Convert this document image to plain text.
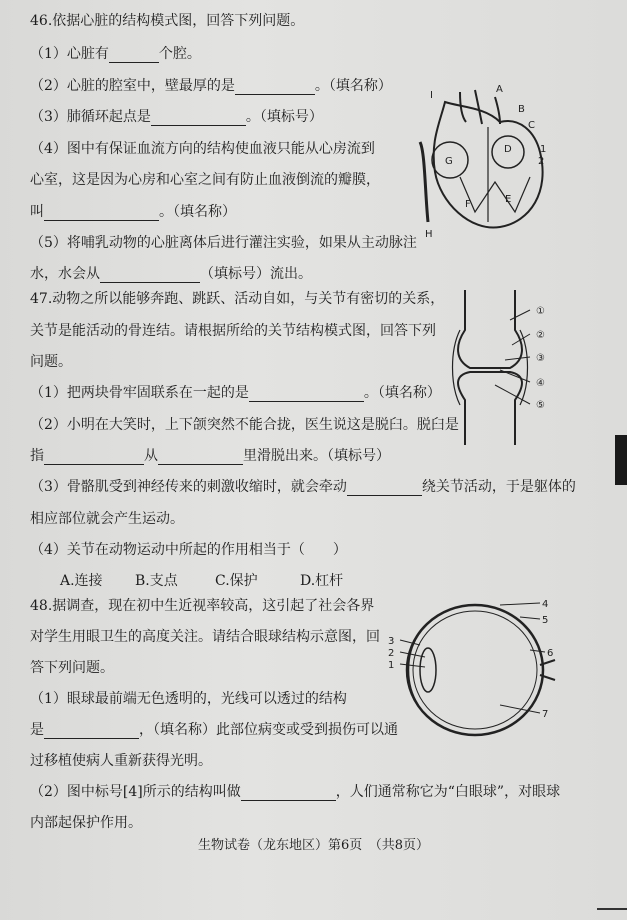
46.依据心脏的结构模式图，回答下列问题。
（1）心脏有	个腔。
（2）心脏的腔室中，壁最厚的是	。（填名称）
（3）肺循环起点是	。（填标号）
（4）图中有保证血流方向的结构使血液只能从心房流到
心室，这是因为心房和心室之间有防止血液倒流的瓣膜，
叫	。（填名称）
（5）将哺乳动物的心脏离体后进行灌注实验，如果从主动脉注
水，水会从	（填标号）流出。
I
A
B
C
D	1
2
G
F	E
H
47.动物之所以能够奔跑、跳跃、活动自如，与关节有密切的关系，
关节是能活动的骨连结。请根据所给的关节结构模式图，回答下列
问题。
（1）把两块骨牢固联系在一起的是	。（填名称）
（2）小明在大笑时，上下颌突然不能合拢，医生说这是脱臼。脱臼是
指	从	里滑脱出来。（填标号）
（3）骨骼肌受到神经传来的刺激收缩时，就会牵动	绕关节活动，于是躯体的
相应部位就会产生运动。
（4）关节在动物运动中所起的作用相当于（　　）
A.连接 B.支点	C.保护	D.杠杆
①
②
③
④
⑤
48.据调查，现在初中生近视率较高，这引起了社会各界
对学生用眼卫生的高度关注。请结合眼球结构示意图，回
答下列问题。
（1）眼球最前端无色透明的，光线可以透过的结构
是	，（填名称）此部位病变或受到损伤可以通
过移植使病人重新获得光明。
（2）图中标号[4]所示的结构叫做	，人们通常称它为“白眼球”，对眼球
内部起保护作用。
4
5
6
7
3
2
1
生物试卷（龙东地区）第6页　（共8页）
